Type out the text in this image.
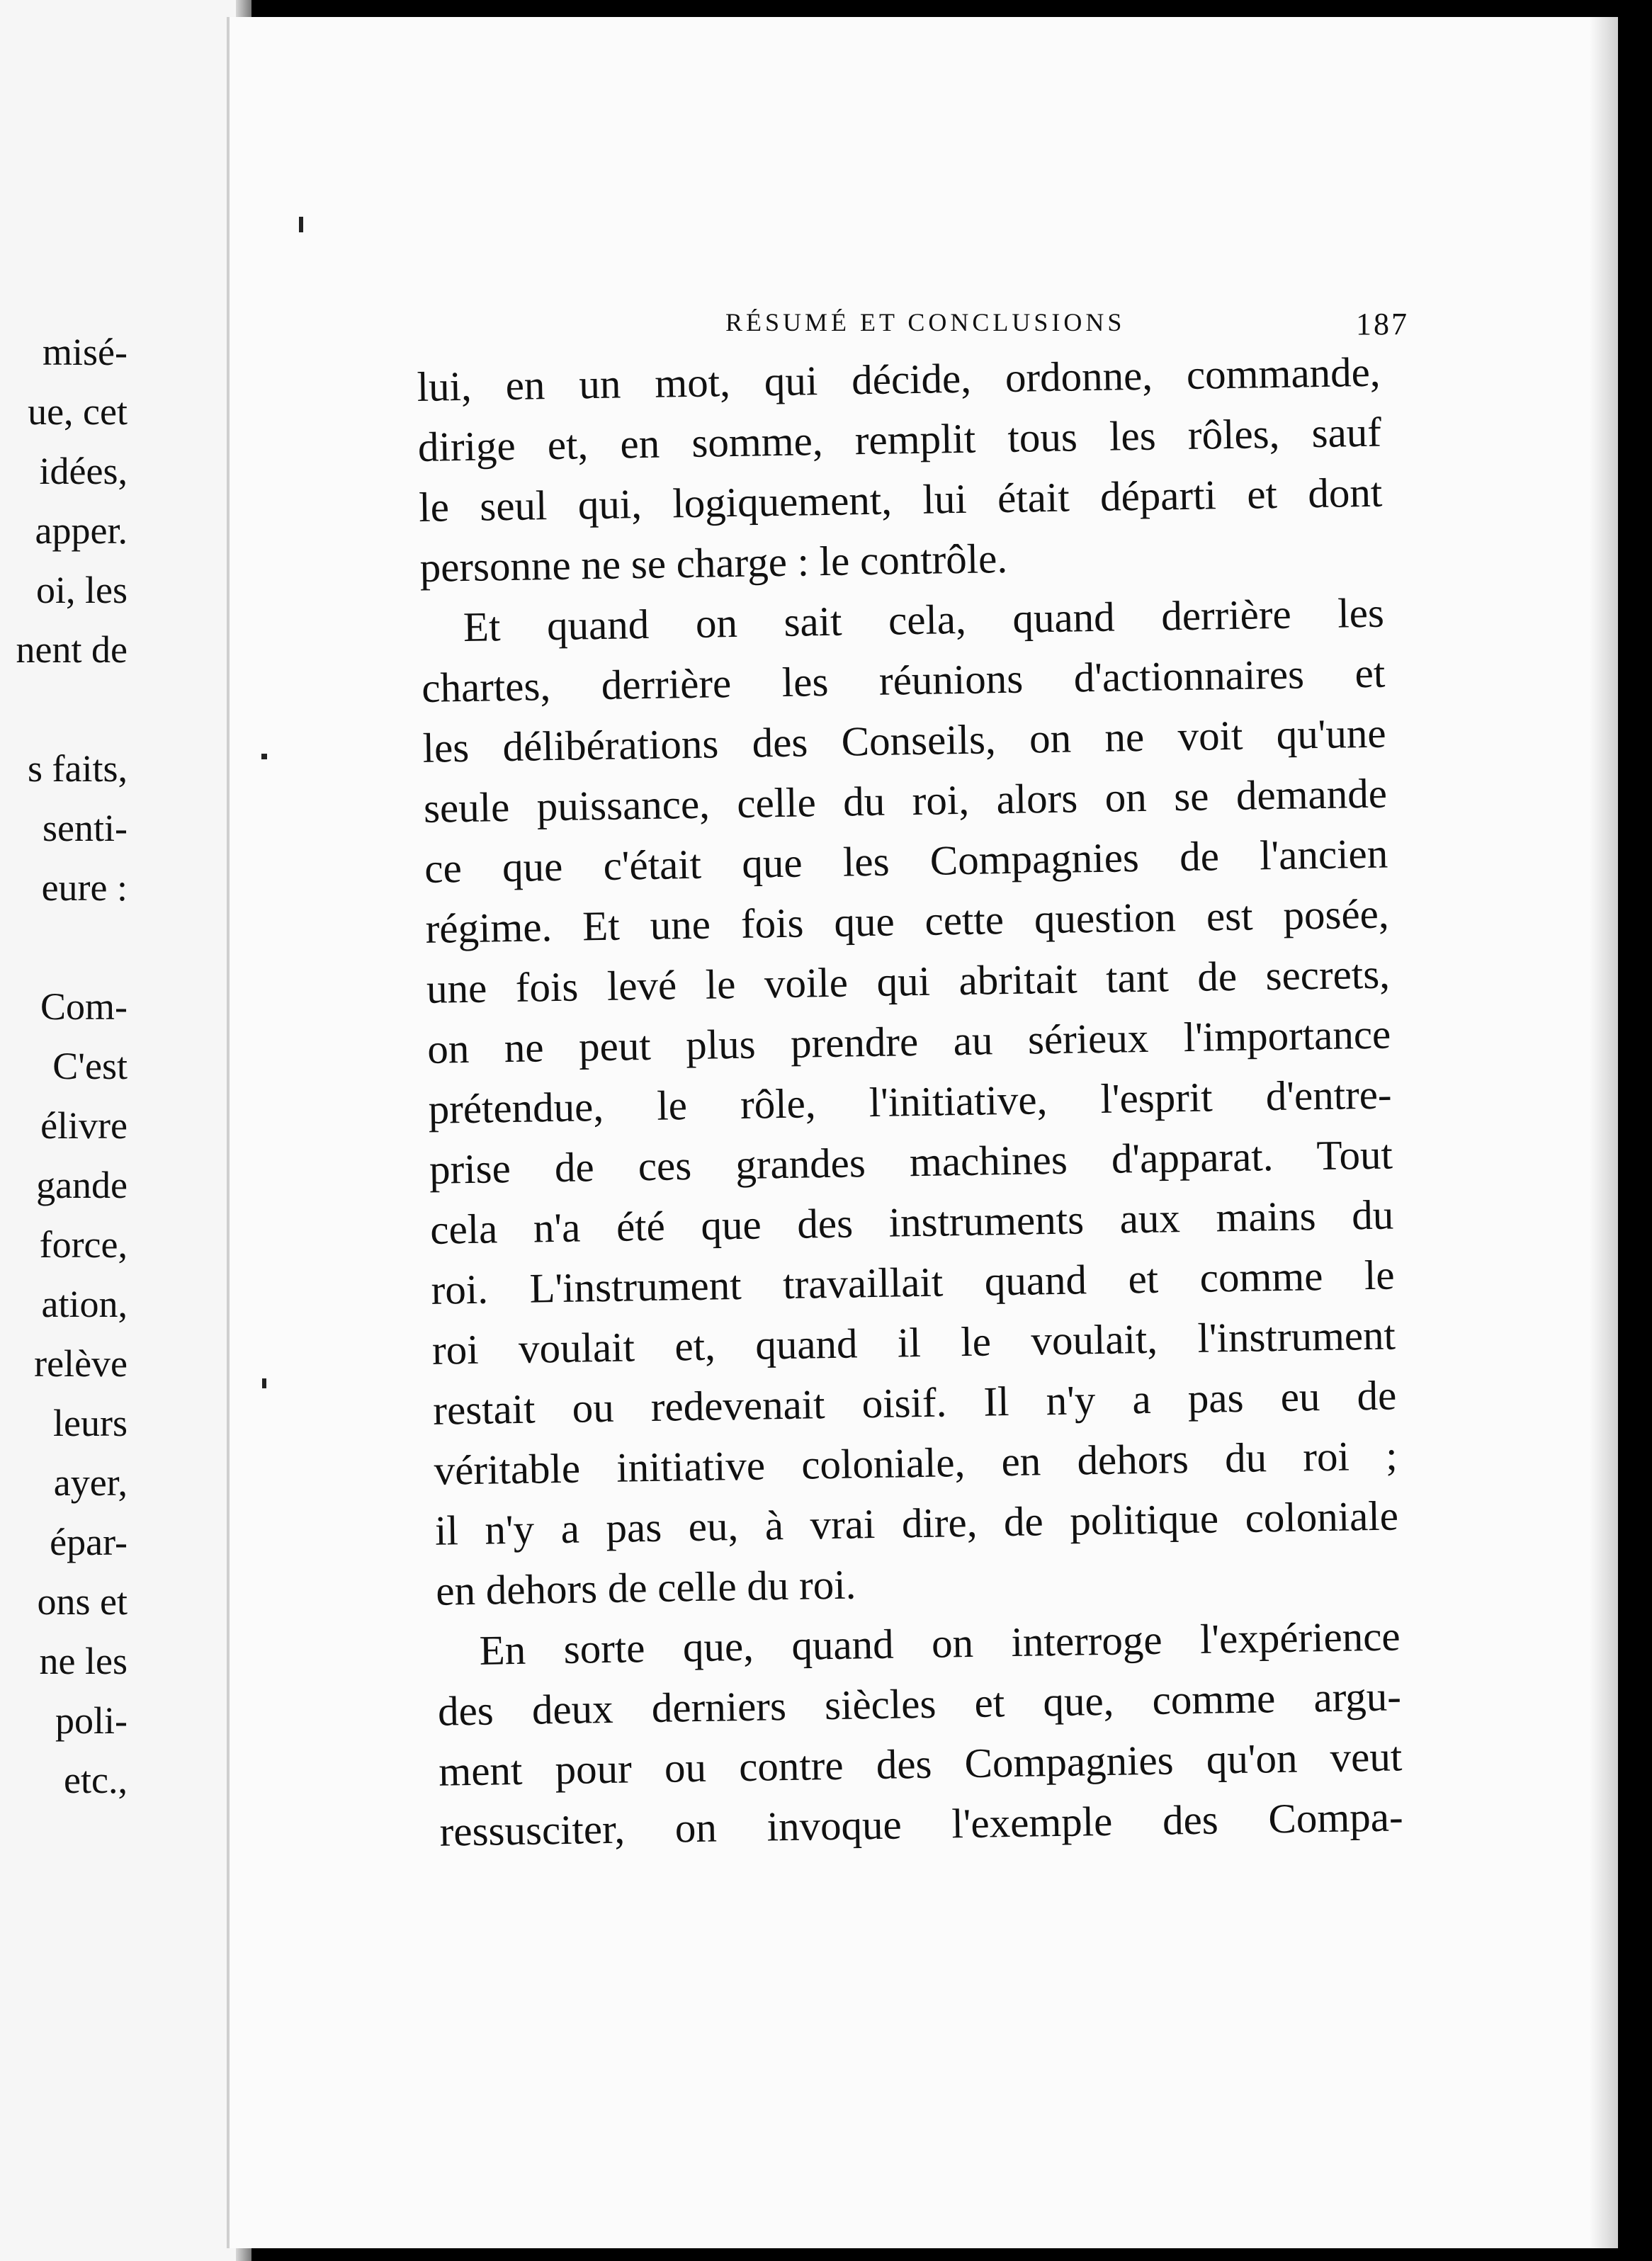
misé-
ue, cet
idées,
apper.
oi, les
nent de
s faits,
senti-
eure :
Com-
C'est
élivre
gande
force,
ation,
relève
leurs
ayer,
épar-
ons et
ne les
poli-
etc.,
RÉSUMÉ ET CONCLUSIONS	187
lui, en un mot, qui décide, ordonne, commande,
dirige et, en somme, remplit tous les rôles, sauf
le seul qui, logiquement, lui était départi et dont
personne ne se charge : le contrôle.
Et quand on sait cela, quand derrière les
chartes, derrière les réunions d'actionnaires et
les délibérations des Conseils, on ne voit qu'une
seule puissance, celle du roi, alors on se demande
ce que c'était que les Compagnies de l'ancien
régime. Et une fois que cette question est posée,
une fois levé le voile qui abritait tant de secrets,
on ne peut plus prendre au sérieux l'importance
prétendue, le rôle, l'initiative, l'esprit d'entre-
prise de ces grandes machines d'apparat. Tout
cela n'a été que des instruments aux mains du
roi. L'instrument travaillait quand et comme le
roi voulait et, quand il le voulait, l'instrument
restait ou redevenait oisif. Il n'y a pas eu de
véritable initiative coloniale, en dehors du roi ;
il n'y a pas eu, à vrai dire, de politique coloniale
en dehors de celle du roi.
En sorte que, quand on interroge l'expérience
des deux derniers siècles et que, comme argu-
ment pour ou contre des Compagnies qu'on veut
ressusciter, on invoque l'exemple des Compa-
